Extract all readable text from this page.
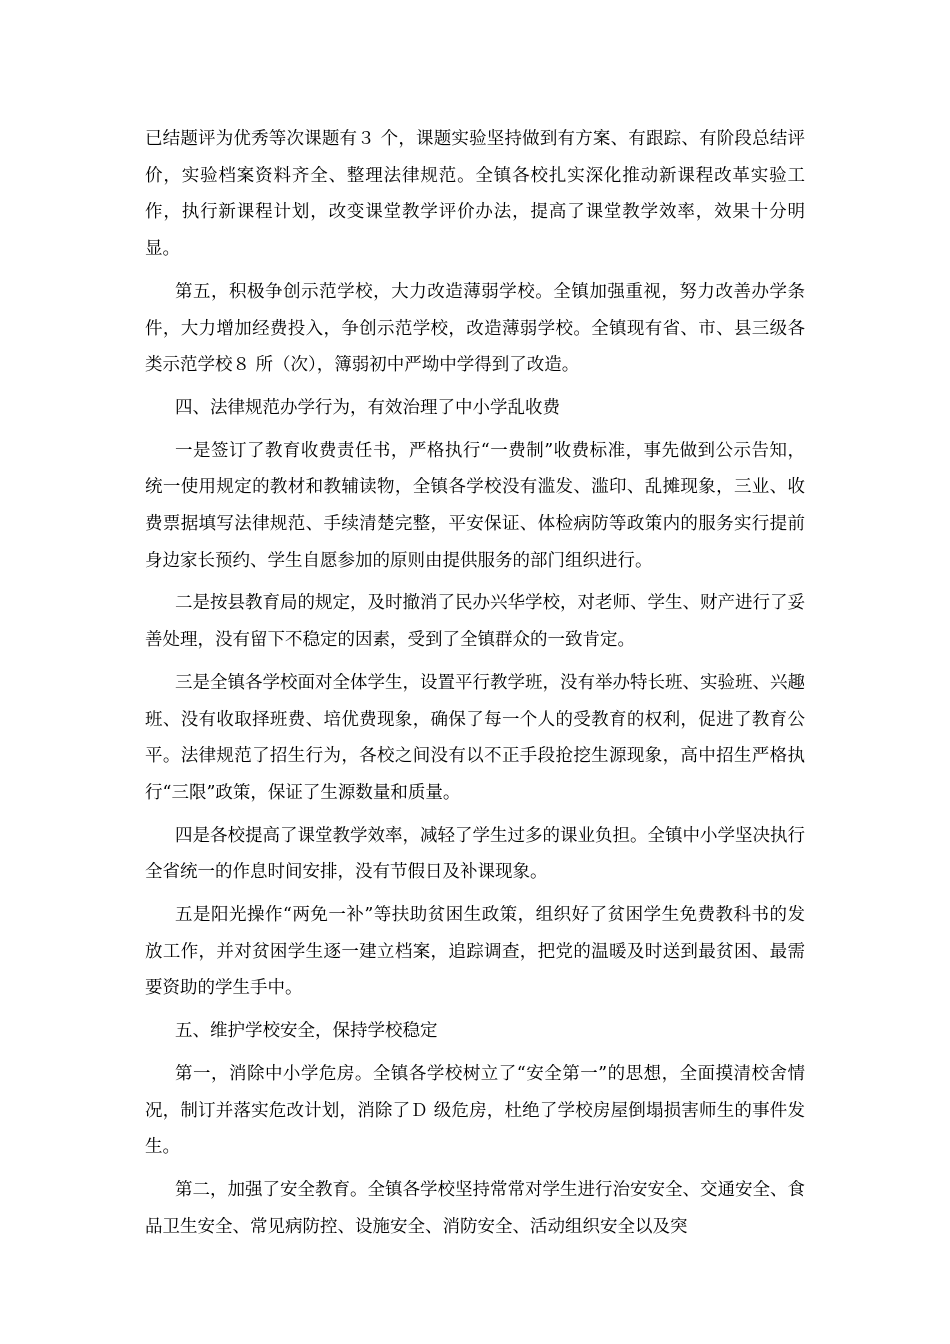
已结题评为优秀等次课题有３ 个，课题实验坚持做到有方案、有跟踪、有阶段总结评价，实验档案资料齐全、整理法律规范。全镇各校扎实深化推动新课程改革实验工作，执行新课程计划，改变课堂教学评价办法，提高了课堂教学效率，效果十分明显。

第五，积极争创示范学校，大力改造薄弱学校。全镇加强重视，努力改善办学条件，大力增加经费投入，争创示范学校，改造薄弱学校。全镇现有省、市、县三级各类示范学校８ 所（次），簿弱初中严坳中学得到了改造。

四、法律规范办学行为，有效治理了中小学乱收费

一是签订了教育收费责任书，严格执行“一费制”收费标准，事先做到公示告知，统一使用规定的教材和教辅读物，全镇各学校没有滥发、滥印、乱摊现象，三业、收费票据填写法律规范、手续清楚完整，平安保证、体检病防等政策内的服务实行提前身边家长预约、学生自愿参加的原则由提供服务的部门组织进行。

二是按县教育局的规定，及时撤消了民办兴华学校，对老师、学生、财产进行了妥善处理，没有留下不稳定的因素，受到了全镇群众的一致肯定。

三是全镇各学校面对全体学生，设置平行教学班，没有举办特长班、实验班、兴趣班、没有收取择班费、培优费现象，确保了每一个人的受教育的权利，促进了教育公平。法律规范了招生行为，各校之间没有以不正手段抢挖生源现象，高中招生严格执行“三限”政策，保证了生源数量和质量。

四是各校提高了课堂教学效率，减轻了学生过多的课业负担。全镇中小学坚决执行全省统一的作息时间安排，没有节假日及补课现象。

五是阳光操作“两免一补”等扶助贫困生政策，组织好了贫困学生免费教科书的发放工作，并对贫困学生逐一建立档案，追踪调查，把党的温暖及时送到最贫困、最需要资助的学生手中。

五、维护学校安全，保持学校稳定

第一，消除中小学危房。全镇各学校树立了“安全第一”的思想，全面摸清校舍情况，制订并落实危改计划，消除了Ｄ 级危房，杜绝了学校房屋倒塌损害师生的事件发生。

第二，加强了安全教育。全镇各学校坚持常常对学生进行治安安全、交通安全、食品卫生安全、常见病防控、设施安全、消防安全、活动组织安全以及突
